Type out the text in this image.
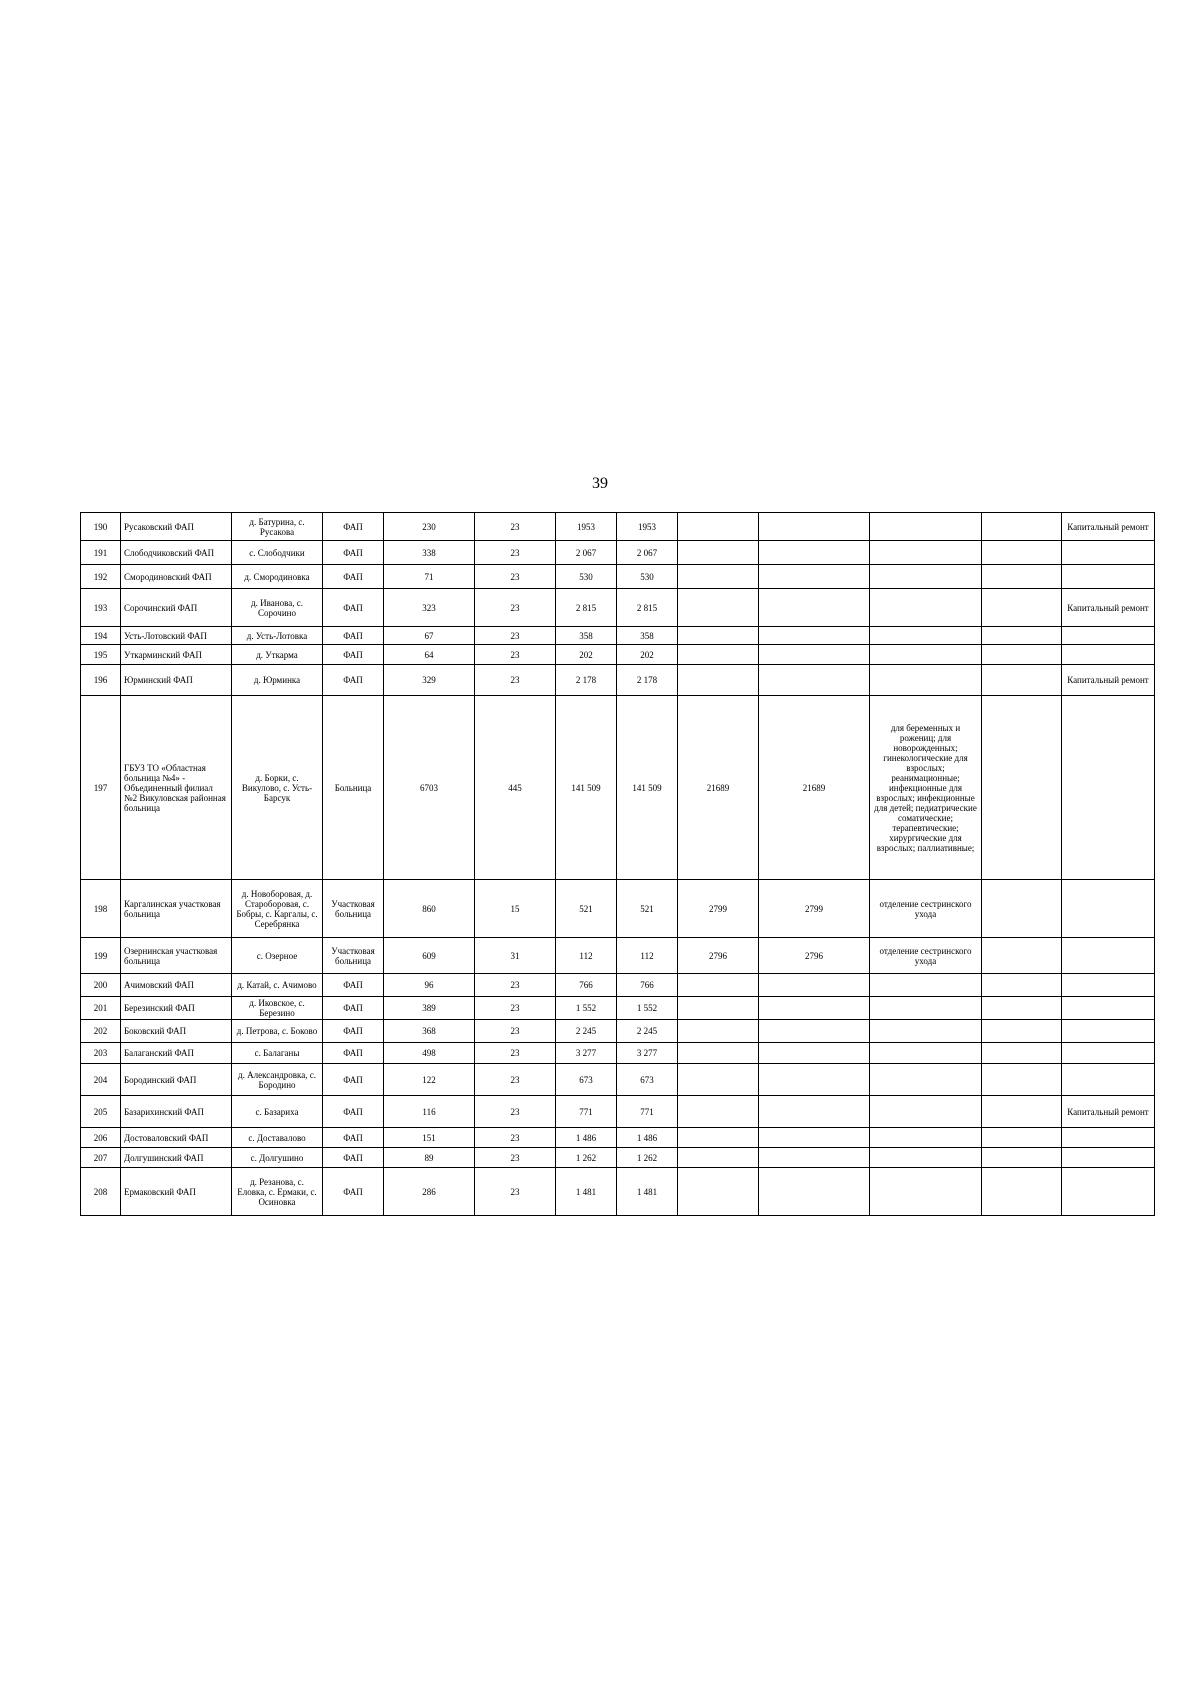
39
190	Русаковский ФАП	д. Батурина, с. Русакова	ФАП	230	23	1953	1953					Капитальный ремонт
191	Слободчиковский ФАП	с. Слободчики	ФАП	338	23	2 067	2 067					
192	Смородиновский ФАП	д. Смородиновка	ФАП	71	23	530	530					
193	Сорочинский ФАП	д. Иванова, с. Сорочино	ФАП	323	23	2 815	2 815					Капитальный ремонт
194	Усть-Лотовский ФАП	д. Усть-Лотовка	ФАП	67	23	358	358					
195	Уткарминский ФАП	д. Уткарма	ФАП	64	23	202	202					
196	Юрминский ФАП	д. Юрминка	ФАП	329	23	2 178	2 178					Капитальный ремонт
197	ГБУЗ ТО «Областная больница №4» - Объединенный филиал №2 Викуловская районная больница	д. Борки, с. Викулово, с. Усть-Барсук	Больница	6703	445	141 509	141 509	21689	21689	для беременных и рожениц; для новорожденных; гинекологические для взрослых; реанимационные; инфекционные для взрослых; инфекционные для детей; педиатрические соматические; терапевтические; хирургические для взрослых; паллиативные;		
198	Каргалинская участковая больница	д. Новоборовая, д. Староборовая, с. Бобры, с. Каргалы, с. Серебрянка	Участковая больница	860	15	521	521	2799	2799	отделение сестринского ухода		
199	Озернинская участковая больница	с. Озерное	Участковая больница	609	31	112	112	2796	2796	отделение сестринского ухода		
200	Ачимовский ФАП	д. Катай, с. Ачимово	ФАП	96	23	766	766					
201	Березинский ФАП	д. Иковское, с. Березино	ФАП	389	23	1 552	1 552					
202	Боковский ФАП	д. Петрова, с. Боково	ФАП	368	23	2 245	2 245					
203	Балаганский ФАП	с. Балаганы	ФАП	498	23	3 277	3 277					
204	Бородинский ФАП	д. Александровка, с. Бородино	ФАП	122	23	673	673					
205	Базарихинский ФАП	с. Базариха	ФАП	116	23	771	771					Капитальный ремонт
206	Достовaловский ФАП	с. Доставалово	ФАП	151	23	1 486	1 486					
207	Долгушинский ФАП	с. Долгушино	ФАП	89	23	1 262	1 262					
208	Ермаковский ФАП	д. Резанова, с. Еловка, с. Ермаки, с. Осиновка	ФАП	286	23	1 481	1 481					
